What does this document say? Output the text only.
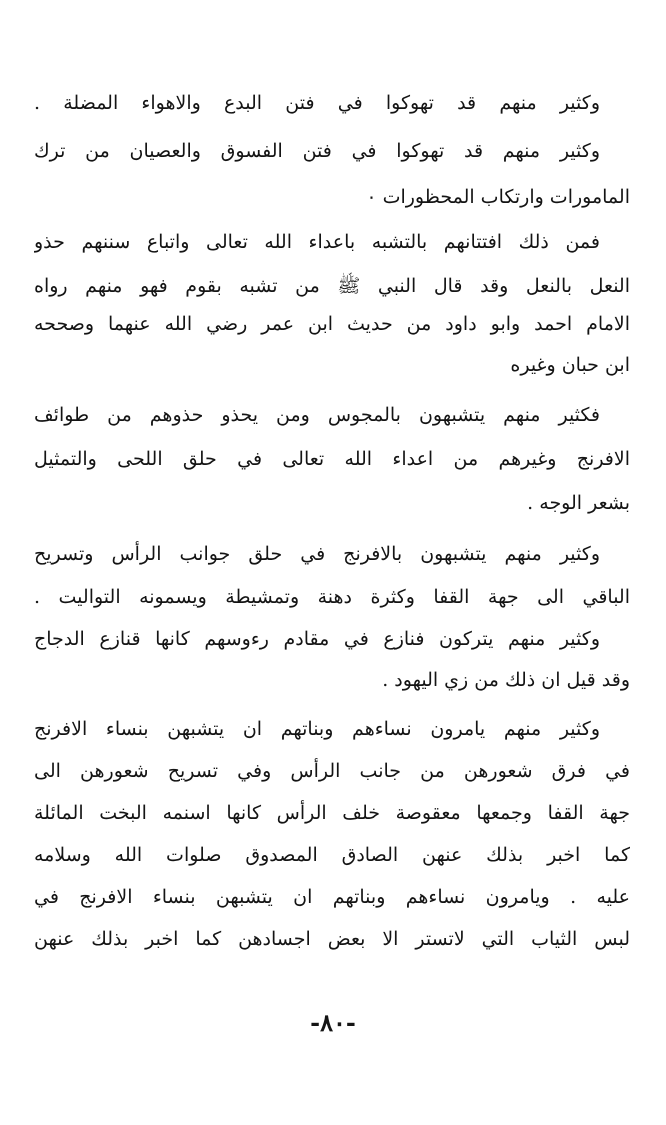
وكثير منهم قد تهوكوا في فتن البدع والاهواء المضلة .
وكثير منهم قد تهوكوا في فتن الفسوق والعصيان من ترك
المامورات وارتكاب المحظورات ٠
فمن ذلك افتتانهم بالتشبه باعداء الله تعالى واتباع سننهم حذو
النعل بالنعل وقد قال النبي ﷺ من تشبه بقوم فهو منهم رواه
الامام احمد وابو داود من حديث ابن عمر رضي الله عنهما وصححه
ابن حبان وغيره
فكثير منهم يتشبهون بالمجوس ومن يحذو حذوهم من طوائف
الافرنج وغيرهم من اعداء الله تعالى في حلق اللحى والتمثيل
بشعر الوجه .
وكثير منهم يتشبهون بالافرنج في حلق جوانب الرأس وتسريح
الباقي الى جهة القفا وكثرة دهنة وتمشيطة ويسمونه التواليت .
وكثير منهم يتركون فنازع في مقادم رءوسهم كانها قنازع الدجاج
وقد قيل ان ذلك من زي اليهود .
وكثير منهم يامرون نساءهم وبناتهم ان يتشبهن بنساء الافرنج
في فرق شعورهن من جانب الرأس وفي تسريح شعورهن الى
جهة القفا وجمعها معقوصة خلف الرأس كانها اسنمه البخت المائلة
كما اخبر بذلك عنهن الصادق المصدوق صلوات الله وسلامه
عليه . ويامرون نساءهم وبناتهم ان يتشبهن بنساء الافرنج في
لبس الثياب التي لاتستر الا بعض اجسادهن كما اخبر بذلك عنهن
-٨٠-
